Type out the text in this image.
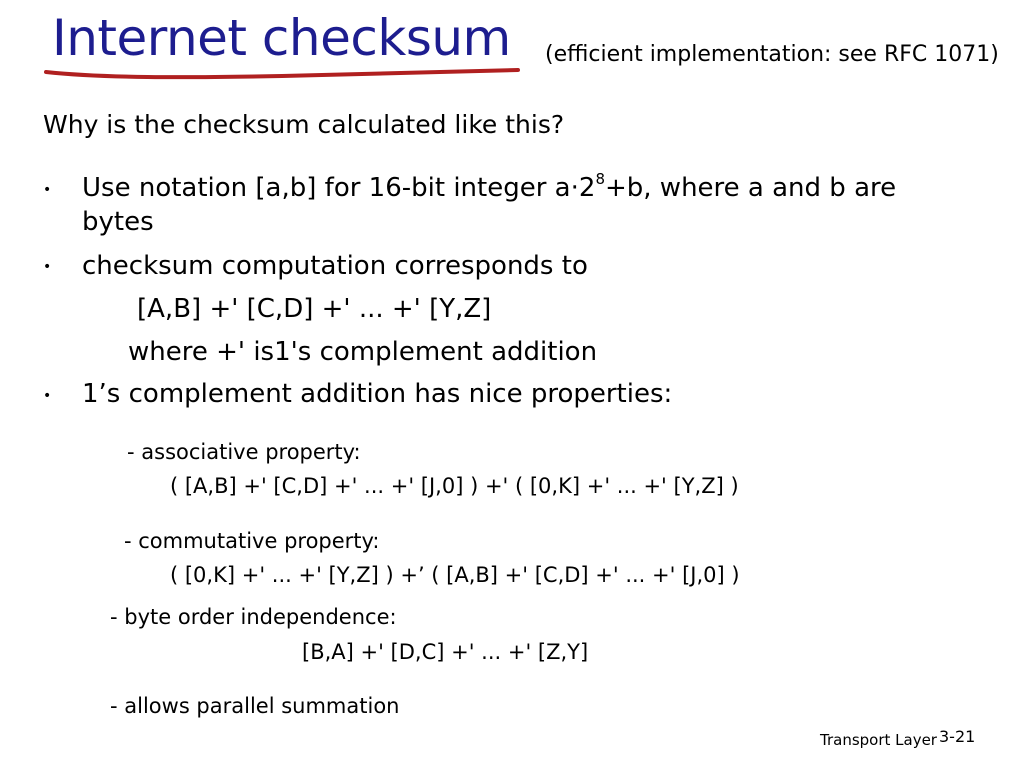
Internet checksum (efficient implementation: see RFC 1071)
Why is the checksum calculated like this?
• Use notation [a,b] for 16-bit integer $a\cdot 2^8+b$, where a and b are
bytes
• checksum computation corresponds to
[A,B] +' [C,D] +' ... +' [Y,Z]
where +' is1's complement addition
• 1’s complement addition has nice properties:
- associative property:
( [A,B] +' [C,D] +' ... +' [J,0] ) +' ( [0,K] +' ... +' [Y,Z] )
- commutative property:
( [0,K] +' ... +' [Y,Z] ) +’ ( [A,B] +' [C,D] +' ... +' [J,0] )
- byte order independence:
[B,A] +' [D,C] +' ... +' [Z,Y]
- allows parallel summation
Transport Layer 3-21
